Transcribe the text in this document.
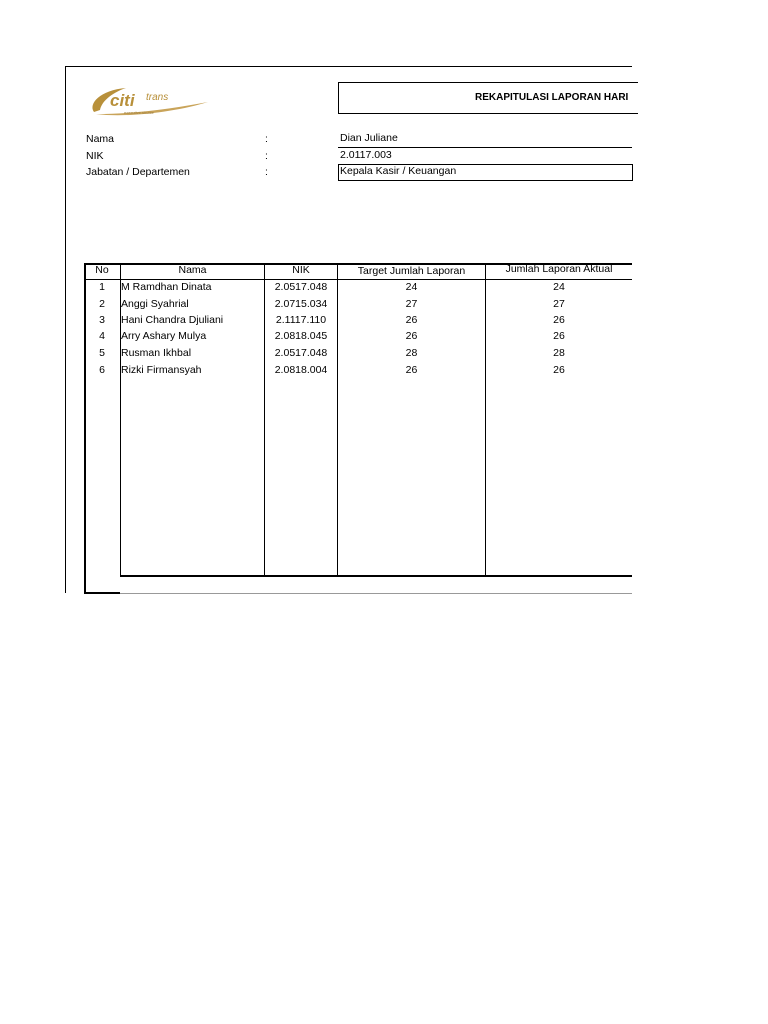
citi trans
executive shuttle
REKAPITULASI LAPORAN HARI
Nama	:	Dian Juliane
NIK	:	2.0117.003
Jabatan / Departemen	:	Kepala Kasir / Keuangan
No	Nama	NIK	Target Jumlah Laporan	Jumlah Laporan Aktual
1	M Ramdhan Dinata	2.0517.048	24	24
2	Anggi Syahrial	2.0715.034	27	27
3	Hani Chandra Djuliani	2.1117.110	26	26
4	Arry Ashary Mulya	2.0818.045	26	26
5	Rusman Ikhbal	2.0517.048	28	28
6	Rizki Firmansyah	2.0818.004	26	26
